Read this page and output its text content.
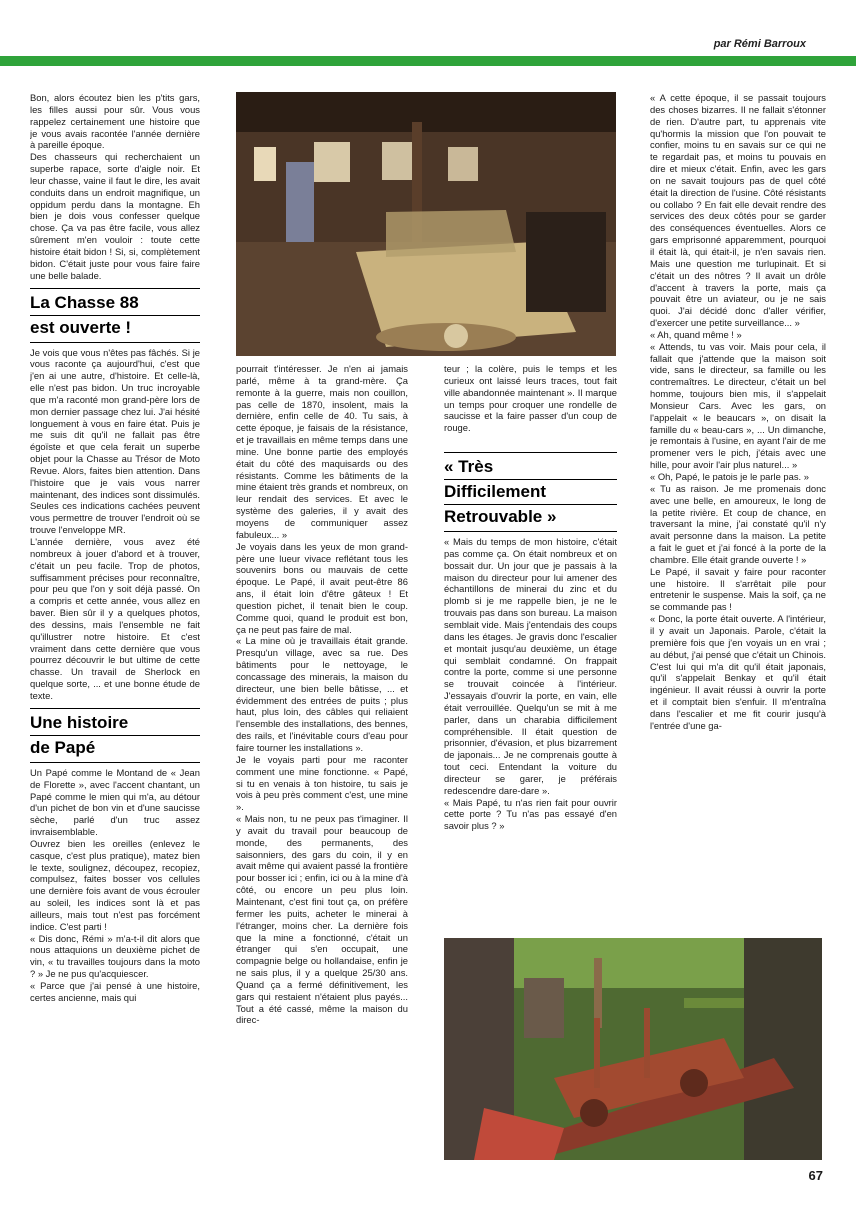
par Rémi Barroux

Bon, alors écoutez bien les p'tits gars, les filles aussi pour sûr. Vous vous rappelez certainement une histoire que je vous avais racontée l'année dernière à pareille époque.

Des chasseurs qui recherchaient un superbe rapace, sorte d'aigle noir. Et leur chasse, vaine il faut le dire, les avait conduits dans un endroit magnifique, un oppidum perdu dans la montagne. Eh bien je dois vous confesser quelque chose. Ça va pas être facile, vous allez sûrement m'en vouloir : toute cette histoire était bidon ! Si, si, complètement bidon. C'était juste pour vous faire faire une belle balade.

La Chasse 88
est ouverte !

Je vois que vous n'êtes pas fâchés. Si je vous raconte ça aujourd'hui, c'est que j'en ai une autre, d'histoire. Et celle-là, elle n'est pas bidon. Un truc incroyable que m'a raconté mon grand-père lors de mon dernier passage chez lui. J'ai hésité longuement à vous en faire état. Puis je me suis dit qu'il ne fallait pas être égoïste et que cela ferait un superbe objet pour la Chasse au Trésor de Moto Revue. Alors, faites bien attention. Dans l'histoire que je vais vous narrer maintenant, des indices sont dissimulés. Seules ces indications cachées peuvent vous permettre de trouver l'endroit où se trouve l'enveloppe MR.

L'année dernière, vous avez été nombreux à jouer d'abord et à trouver, c'était un peu facile. Trop de photos, suffisamment précises pour reconnaître, pour peu que l'on y soit déjà passé. On a compris et cette année, vous allez en baver. Bien sûr il y a quelques photos, des dessins, mais l'ensemble ne fait qu'illustrer notre histoire. Et c'est vraiment dans cette dernière que vous pourrez découvrir le but ultime de cette chasse. Un travail de Sherlock en quelque sorte, ... et une bonne étude de texte.

Une histoire
de Papé

Un Papé comme le Montand de « Jean de Florette », avec l'accent chantant, un Papé comme le mien qui m'a, au détour d'un pichet de bon vin et d'une saucisse sèche, parlé d'un truc assez invraisemblable.

Ouvrez bien les oreilles (enlevez le casque, c'est plus pratique), matez bien le texte, soulignez, découpez, recopiez, compulsez, faites bosser vos cellules une dernière fois avant de vous écrouler au soleil, les indices sont là et pas ailleurs, mais tout n'est pas forcément indice. C'est parti !

« Dis donc, Rémi » m'a-t-il dit alors que nous attaquions un deuxième pichet de vin, « tu travailles toujours dans la moto ? » Je ne pus qu'acquiescer.

« Parce que j'ai pensé à une histoire, certes ancienne, mais qui

pourrait t'intéresser. Je n'en ai jamais parlé, même à ta grand-mère. Ça remonte à la guerre, mais non couillon, pas celle de 1870, insolent, mais la dernière, enfin celle de 40. Tu sais, à cette époque, je faisais de la résistance, et je travaillais en même temps dans une mine. Une bonne partie des employés était du côté des maquisards ou des résistants. Comme les bâtiments de la mine étaient très grands et nombreux, on leur rendait des services. Et avec le système des galeries, il y avait des moyens de communiquer assez fabuleux... »

Je voyais dans les yeux de mon grand-père une lueur vivace reflétant tous les souvenirs bons ou mauvais de cette époque. Le Papé, il avait peut-être 86 ans, il était loin d'être gâteux ! Et question pichet, il tenait bien le coup. Comme quoi, quand le produit est bon, ça ne peut pas faire de mal.

« La mine où je travaillais était grande. Presqu'un village, avec sa rue. Des bâtiments pour le nettoyage, le concassage des minerais, la maison du directeur, une bien belle bâtisse, ... et évidemment des entrées de puits ; plus haut, plus loin, des câbles qui reliaient l'ensemble des installations, des bennes, des rails, et l'inévitable cours d'eau pour faire tourner les installations ».

Je le voyais parti pour me raconter comment une mine fonctionne. « Papé, si tu en venais à ton histoire, tu sais je vois à peu près comment c'est, une mine ».

« Mais non, tu ne peux pas t'imaginer. Il y avait du travail pour beaucoup de monde, des permanents, des saisonniers, des gars du coin, il y en avait même qui avaient passé la frontière pour bosser ici ; enfin, ici ou à la mine d'à côté, ou encore un peu plus loin. Maintenant, c'est fini tout ça, on préfère fermer les puits, acheter le minerai à l'étranger, moins cher. La dernière fois que la mine a fonctionné, c'était un étranger qui s'en occupait, une compagnie belge ou hollandaise, enfin je ne sais plus, il y a quelque 25/30 ans. Quand ça a fermé définitivement, les gars qui restaient n'étaient plus payés... Tout a été cassé, même la maison du direc-

teur ; la colère, puis le temps et les curieux ont laissé leurs traces, tout fait ville abandonnée maintenant ». Il marque un temps pour croquer une rondelle de saucisse et la faire passer d'un coup de rouge.

« Très
Difficilement
Retrouvable »

« Mais du temps de mon histoire, c'était pas comme ça. On était nombreux et on bossait dur. Un jour que je passais à la maison du directeur pour lui amener des échantillons de minerai du zinc et du plomb si je me rappelle bien, je ne le trouvais pas dans son bureau. La maison semblait vide. Mais j'entendais des coups dans les étages. Je gravis donc l'escalier et montait jusqu'au deuxième, un étage qui semblait condamné. On frappait contre la porte, comme si une personne se trouvait coincée à l'intérieur. J'essayais d'ouvrir la porte, en vain, elle était verrouillée. Quelqu'un se mit à me parler, dans un charabia difficilement compréhensible. Il était question de prisonnier, d'évasion, et plus bizarrement de japonais... Je ne comprenais goutte à tout ceci. Entendant la voiture du directeur se garer, je préférais redescendre dare-dare ».

« Mais Papé, tu n'as rien fait pour ouvrir cette porte ? Tu n'as pas essayé d'en savoir plus ? »

« A cette époque, il se passait toujours des choses bizarres. Il ne fallait s'étonner de rien. D'autre part, tu apprenais vite qu'hormis la mission que l'on pouvait te confier, moins tu en savais sur ce qui ne te regardait pas, et moins tu pouvais en dire et mieux c'était. Enfin, avec les gars on ne savait toujours pas de quel côté était la direction de l'usine. Côté résistants ou collabo ? En fait elle devait rendre des services des deux côtés pour se garder des conséquences éventuelles. Alors ce gars emprisonné apparemment, pourquoi il était là, qui était-il, je n'en savais rien. Mais une question me turlupinait. Et si c'était un des nôtres ? Il avait un drôle d'accent à travers la porte, mais ça pouvait être un aviateur, ou je ne sais quoi. J'ai décidé donc d'aller vérifier, d'exercer une petite surveillance... »

« Ah, quand même ! »

« Attends, tu vas voir. Mais pour cela, il fallait que j'attende que la maison soit vide, sans le directeur, sa famille ou les contremaîtres. Le directeur, c'était un bel homme, toujours bien mis, il s'appelait Monsieur Cars. Avec les gars, on l'appelait « le beaucars », on disait la famille du « beau-cars », ... Un dimanche, je remontais à l'usine, en ayant l'air de me promener vers le pich, j'étais avec une hille, pour avoir l'air plus naturel... »

« Oh, Papé, le patois je le parle pas. »

« Tu as raison. Je me promenais donc avec une belle, en amoureux, le long de la petite rivière. Et coup de chance, en traversant la mine, j'ai constaté qu'il n'y avait personne dans la maison. La petite a fait le guet et j'ai foncé à la porte de la chambre. Elle était grande ouverte ! »

Le Papé, il savait y faire pour raconter une histoire. Il s'arrêtait pile pour entretenir le suspense. Mais la soif, ça ne se commande pas !

« Donc, la porte était ouverte. A l'intérieur, il y avait un Japonais. Parole, c'était la première fois que j'en voyais un en vrai ; au début, j'ai pensé que c'était un Chinois. C'est lui qui m'a dit qu'il était japonais, qu'il s'appelait Benkay et qu'il était ingénieur. Il avait réussi à ouvrir la porte et il comptait bien s'enfuir. Il m'entraîna dans l'escalier et me fit courir jusqu'à l'entrée d'une ga-

67
